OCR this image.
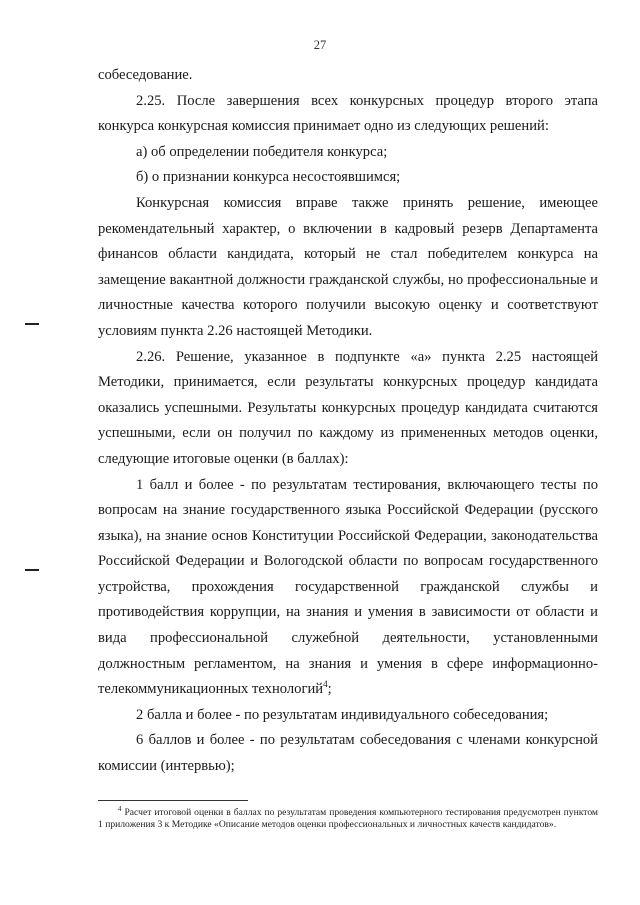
27

собеседование.

2.25. После завершения всех конкурсных процедур второго этапа конкурса конкурсная комиссия принимает одно из следующих решений:

а) об определении победителя конкурса;

б) о признании конкурса несостоявшимся;

Конкурсная комиссия вправе также принять решение, имеющее рекомендательный характер, о включении в кадровый резерв Департамента финансов области кандидата, который не стал победителем конкурса на замещение вакантной должности гражданской службы, но профессиональные и личностные качества которого получили высокую оценку и соответствуют условиям пункта 2.26 настоящей Методики.

2.26. Решение, указанное в подпункте «а» пункта 2.25 настоящей Методики, принимается, если результаты конкурсных процедур кандидата оказались успешными. Результаты конкурсных процедур кандидата считаются успешными, если он получил по каждому из примененных методов оценки, следующие итоговые оценки (в баллах):

1 балл и более - по результатам тестирования, включающего тесты по вопросам на знание государственного языка Российской Федерации (русского языка), на знание основ Конституции Российской Федерации, законодательства Российской Федерации и Вологодской области по вопросам государственного устройства, прохождения государственной гражданской службы и противодействия коррупции, на знания и умения в зависимости от области и вида профессиональной служебной деятельности, установленными должностным регламентом, на знания и умения в сфере информационно-телекоммуникационных технологий$^4$;

2 балла и более - по результатам индивидуального собеседования;

6 баллов и более - по результатам собеседования с членами конкурсной комиссии (интервью);

$^4$ Расчет итоговой оценки в баллах по результатам проведения компьютерного тестирования предусмотрен пунктом 1 приложения 3 к Методике «Описание методов оценки профессиональных и личностных качеств кандидатов».
